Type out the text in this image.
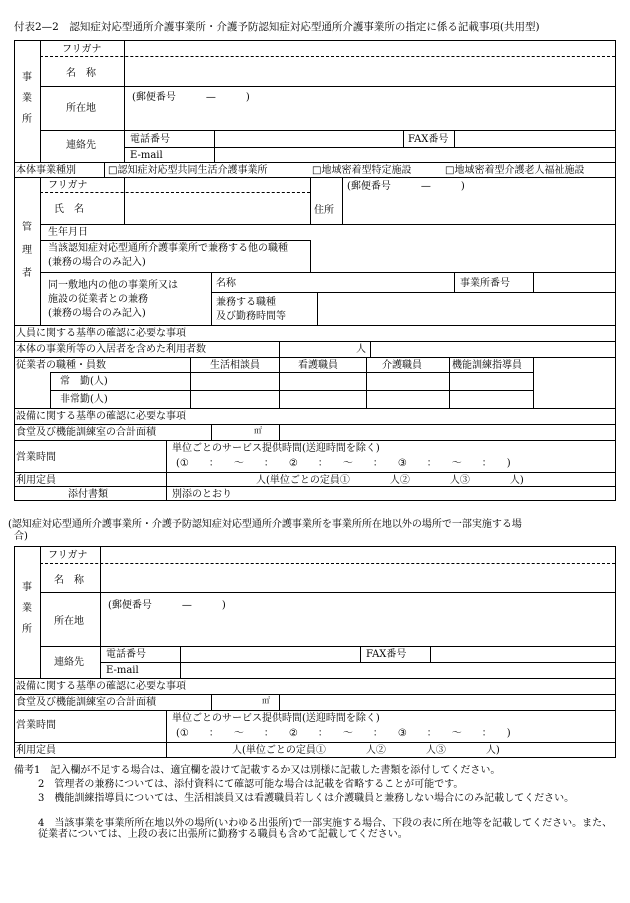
付表2—2　認知症対応型通所介護事業所・介護予防認知症対応型通所介護事業所の指定に係る記載事項(共用型)
事
業
所
フリガナ
名　称
所在地
(郵便番号　　　—　　　)
連絡先
電話番号	FAX番号
E-mail
本体事業種別	□認知症対応型共同生活介護事業所	□地域密着型特定施設	□地域密着型介護老人福祉施設
管
理
者
フリガナ
氏　名
生年月日
住所
(郵便番号　　　—　　　)
当該認知症対応型通所介護事業所で兼務する他の職種
(兼務の場合のみ記入)
同一敷地内の他の事業所又は
施設の従業者との兼務
(兼務の場合のみ記入)
名称	事業所番号
兼務する職種
及び勤務時間等
人員に関する基準の確認に必要な事項
本体の事業所等の入居者を含めた利用者数	人
従業者の職種・員数	生活相談員	看護職員	介護職員	機能訓練指導員
常　勤(人)
非常勤(人)
設備に関する基準の確認に必要な事項
食堂及び機能訓練室の合計面積	㎡
営業時間
単位ごとのサービス提供時間(送迎時間を除く)
(①　　：　　～　　：　　②　　：　　～　　：　　③　　：　　～　　：　　)
利用定員	人(単位ごとの定員①　　　　人②　　　　人③　　　　人)
添付書類	別添のとおり
(認知症対応型通所介護事業所・介護予防認知症対応型通所介護事業所を事業所所在地以外の場所で一部実施する場
合)
事
業
所
フリガナ
名　称
所在地
(郵便番号　　　—　　　)
連絡先
電話番号	FAX番号
E-mail
設備に関する基準の確認に必要な事項
食堂及び機能訓練室の合計面積	㎡
営業時間
単位ごとのサービス提供時間(送迎時間を除く)
(①　　：　　～　　：　　②　　：　　～　　：　　③　　：　　～　　：　　)
利用定員	人(単位ごとの定員①　　　　人②　　　　人③　　　　人)
備考1　記入欄が不足する場合は、適宜欄を設けて記載するか又は別様に記載した書類を添付してください。
2　管理者の兼務については、添付資料にて確認可能な場合は記載を省略することが可能です。
3　機能訓練指導員については、生活相談員又は看護職員若しくは介護職員と兼務しない場合にのみ記載してください。
4　当該事業を事業所所在地以外の場所(いわゆる出張所)で一部実施する場合、下段の表に所在地等を記載してください。また、従業者については、上段の表に出張所に勤務する職員も含めて記載してください。
